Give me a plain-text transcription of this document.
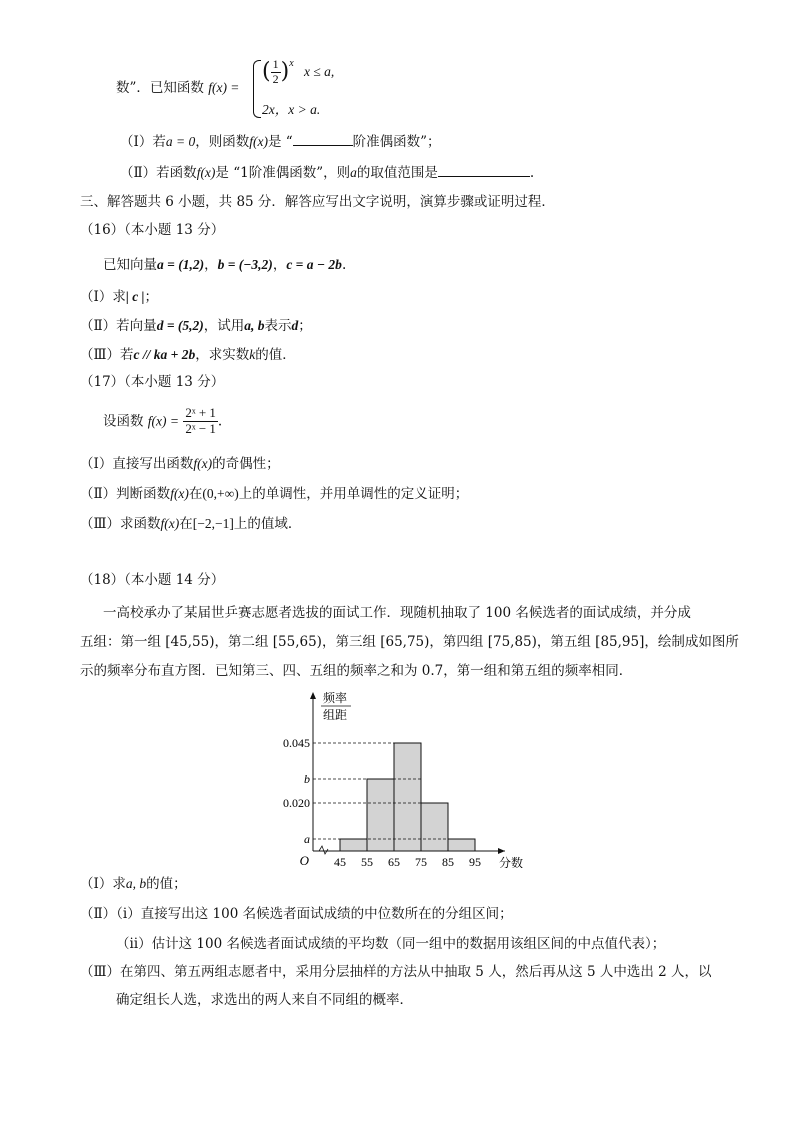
数”．已知函数 f(x) =
( $\frac{1}{2} )^x$ x ≤ a,
2x，x > a.
（Ⅰ）若a = 0，则函数f(x)是 “	阶准偶函数”；
（Ⅱ）若函数f(x)是 “1阶准偶函数”，则a的取值范围是	.
三、解答题共 6 小题，共 85 分．解答应写出文字说明，演算步骤或证明过程．
（16）（本小题 13 分）
已知向量a = (1,2)，b = (−3,2)，c = a − 2b.
（Ⅰ）求| c |；
（Ⅱ）若向量d = (5,2)，试用a, b表示d；
（Ⅲ）若c // ka + 2b，求实数k的值．
（17）（本小题 13 分）
设函数 $f(x) = \frac{\text{2ˣ + 1}}{\text{2ˣ − 1}}$ .
（Ⅰ）直接写出函数f(x)的奇偶性；
（Ⅱ）判断函数f(x)在(0,+∞)上的单调性，并用单调性的定义证明；
（Ⅲ）求函数f(x)在[−2,−1]上的值域．
（18）（本小题 14 分）
一高校承办了某届世乒赛志愿者选拔的面试工作．现随机抽取了 100 名候选者的面试成绩，并分成
五组：第一组 [45,55)，第二组 [55,65)，第三组 [65,75)，第四组 [75,85)，第五组 [85,95]，绘制成如图所
示的频率分布直方图．已知第三、四、五组的频率之和为 0.7，第一组和第五组的频率相同．
a
0.020
b
0.045
45 55 65 75 85 95
O	分数
频率
组距
（Ⅰ）求a, b的值；
（Ⅱ）（ⅰ）直接写出这 100 名候选者面试成绩的中位数所在的分组区间；
（ⅱ）估计这 100 名候选者面试成绩的平均数（同一组中的数据用该组区间的中点值代表）；
（Ⅲ）在第四、第五两组志愿者中，采用分层抽样的方法从中抽取 5 人，然后再从这 5 人中选出 2 人，以
确定组长人选，求选出的两人来自不同组的概率．
